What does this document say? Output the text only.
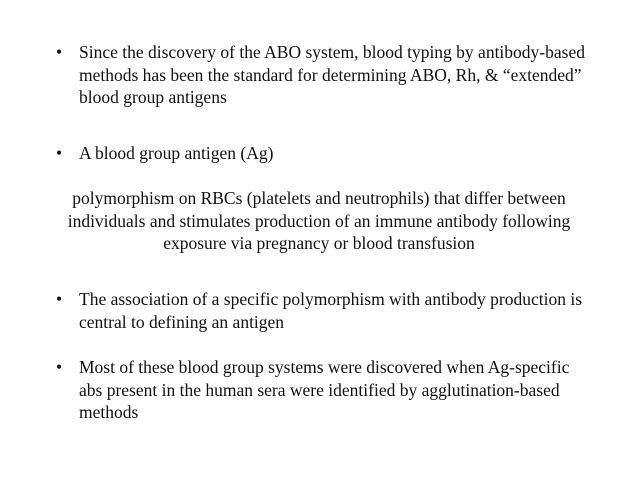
• Since the discovery of the ABO system, blood typing by antibody-based methods has been the standard for determining ABO, Rh, & “extended” blood group antigens
• A blood group antigen (Ag)
polymorphism on RBCs (platelets and neutrophils) that differ between
individuals and stimulates production of an immune antibody following
exposure via pregnancy or blood transfusion
• The association of a specific polymorphism with antibody production is central to defining an antigen
• Most of these blood group systems were discovered when Ag-specific abs present in the human sera were identified by agglutination-based methods
